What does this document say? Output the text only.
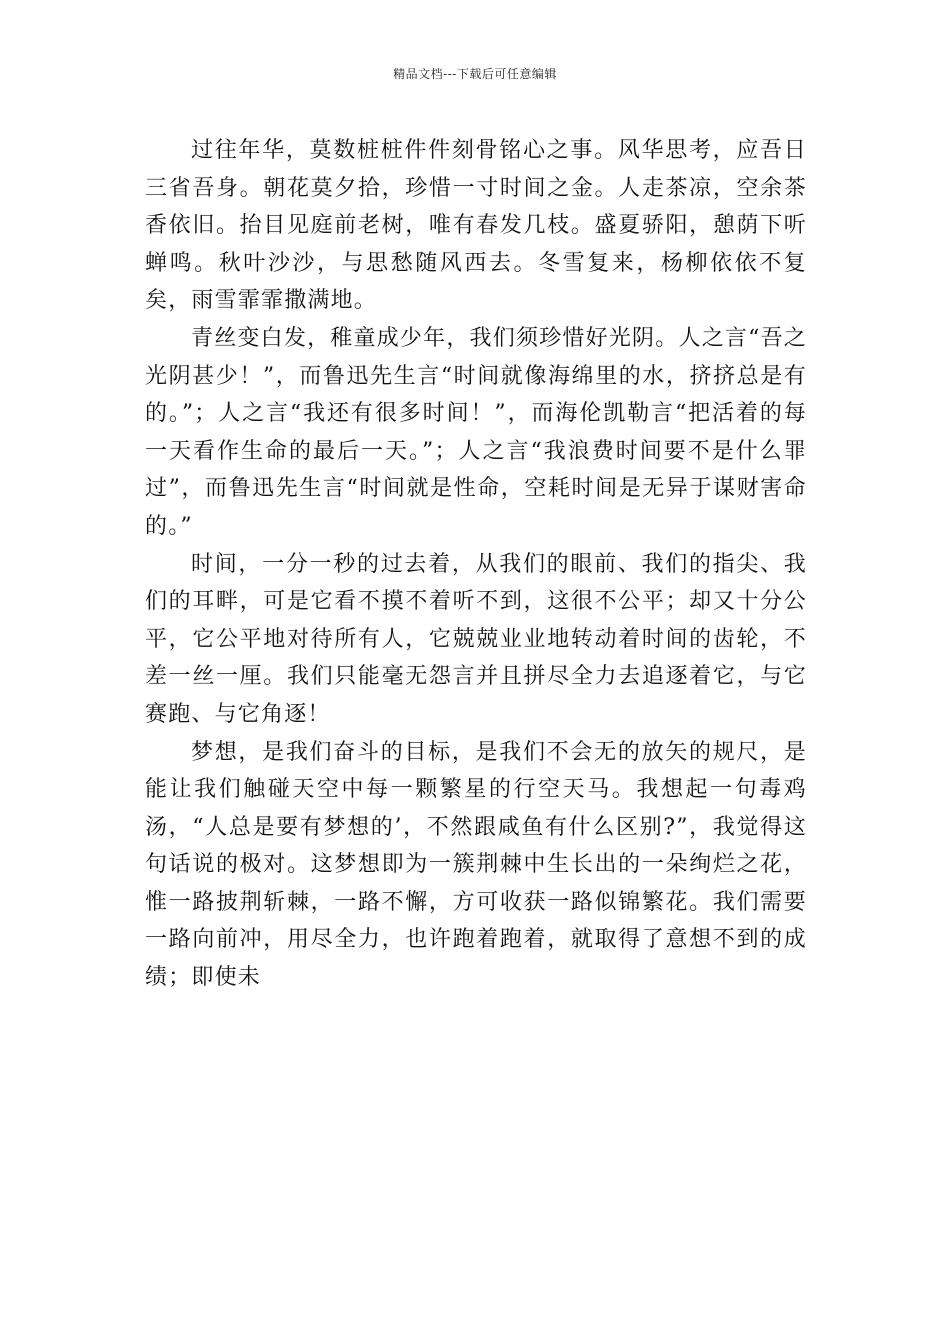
精品文档---下载后可任意编辑

过往年华，莫数桩桩件件刻骨铭心之事。风华思考，应吾日三省吾身。朝花莫夕拾，珍惜一寸时间之金。人走茶凉，空余茶香依旧。抬目见庭前老树，唯有春发几枝。盛夏骄阳，憩荫下听蝉鸣。秋叶沙沙，与思愁随风西去。冬雪复来，杨柳依依不复矣，雨雪霏霏撒满地。

青丝变白发，稚童成少年，我们须珍惜好光阴。人之言“吾之光阴甚少！”，而鲁迅先生言“时间就像海绵里的水，挤挤总是有的。”；人之言“我还有很多时间！”，而海伦凯勒言“把活着的每一天看作生命的最后一天。”；人之言“我浪费时间要不是什么罪过”，而鲁迅先生言“时间就是性命，空耗时间是无异于谋财害命的。”

时间，一分一秒的过去着，从我们的眼前、我们的指尖、我们的耳畔，可是它看不摸不着听不到，这很不公平；却又十分公平，它公平地对待所有人，它兢兢业业地转动着时间的齿轮，不差一丝一厘。我们只能毫无怨言并且拼尽全力去追逐着它，与它赛跑、与它角逐！

梦想，是我们奋斗的目标，是我们不会无的放矢的规尺，是能让我们触碰天空中每一颗繁星的行空天马。我想起一句毒鸡汤，“人总是要有梦想的’，不然跟咸鱼有什么区别?”，我觉得这句话说的极对。这梦想即为一簇荆棘中生长出的一朵绚烂之花，惟一路披荆斩棘，一路不懈，方可收获一路似锦繁花。我们需要一路向前冲，用尽全力，也许跑着跑着，就取得了意想不到的成绩；即使未
